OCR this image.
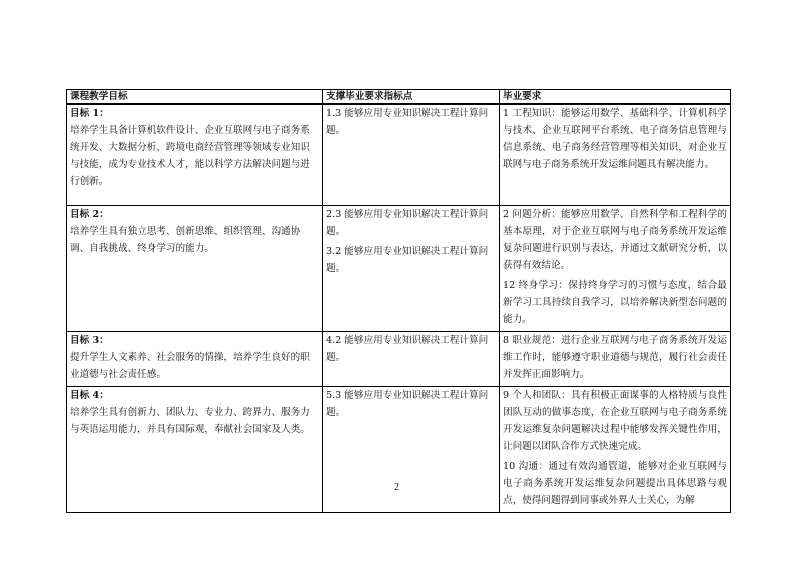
课程教学目标	支撑毕业要求指标点	毕业要求

目标 1：
培养学生具备计算机软件设计、企业互联网与电子商务系统开发、大数据分析、跨境电商经营管理等领域专业知识与技能，成为专业技术人才，能以科学方法解决问题与进行创新。	1.3 能够应用专业知识解决工程计算问题。	1 工程知识：能够运用数学、基础科学、计算机科学与技术、企业互联网平台系统、电子商务信息管理与信息系统、电子商务经营管理等相关知识，对企业互联网与电子商务系统开发运维问题具有解决能力。

目标 2：
培养学生具有独立思考、创新思维、组织管理、沟通协调、自我挑战、终身学习的能力。	2.3 能够应用专业知识解决工程计算问题。
3.2 能够应用专业知识解决工程计算问题。	2 问题分析：能够应用数学、自然科学和工程科学的基本原理，对于企业互联网与电子商务系统开发运维复杂问题进行识别与表达，并通过文献研究分析，以获得有效结论。
12 终身学习：保持终身学习的习惯与态度，结合最新学习工具持续自我学习，以培养解决新型态问题的能力。

目标 3：
提升学生人文素养、社会服务的情操，培养学生良好的职业道德与社会责任感。	4.2 能够应用专业知识解决工程计算问题。	8 职业规范：进行企业互联网与电子商务系统开发运维工作时，能够遵守职业道德与规范，履行社会责任并发挥正面影响力。

目标 4：
培养学生具有创新力、团队力、专业力、跨界力、服务力与英语运用能力，并具有国际观，奉献社会国家及人类。	5.3 能够应用专业知识解决工程计算问题。	9 个人和团队：具有积极正面谋事的人格特质与良性团队互动的做事态度，在企业互联网与电子商务系统开发运维复杂问题解决过程中能够发挥关键性作用，让问题以团队合作方式快速完成。
10 沟通：通过有效沟通管道，能够对企业互联网与电子商务系统开发运维复杂问题提出具体思路与观点，使得问题得到同事或外界人士关心，为解
2
